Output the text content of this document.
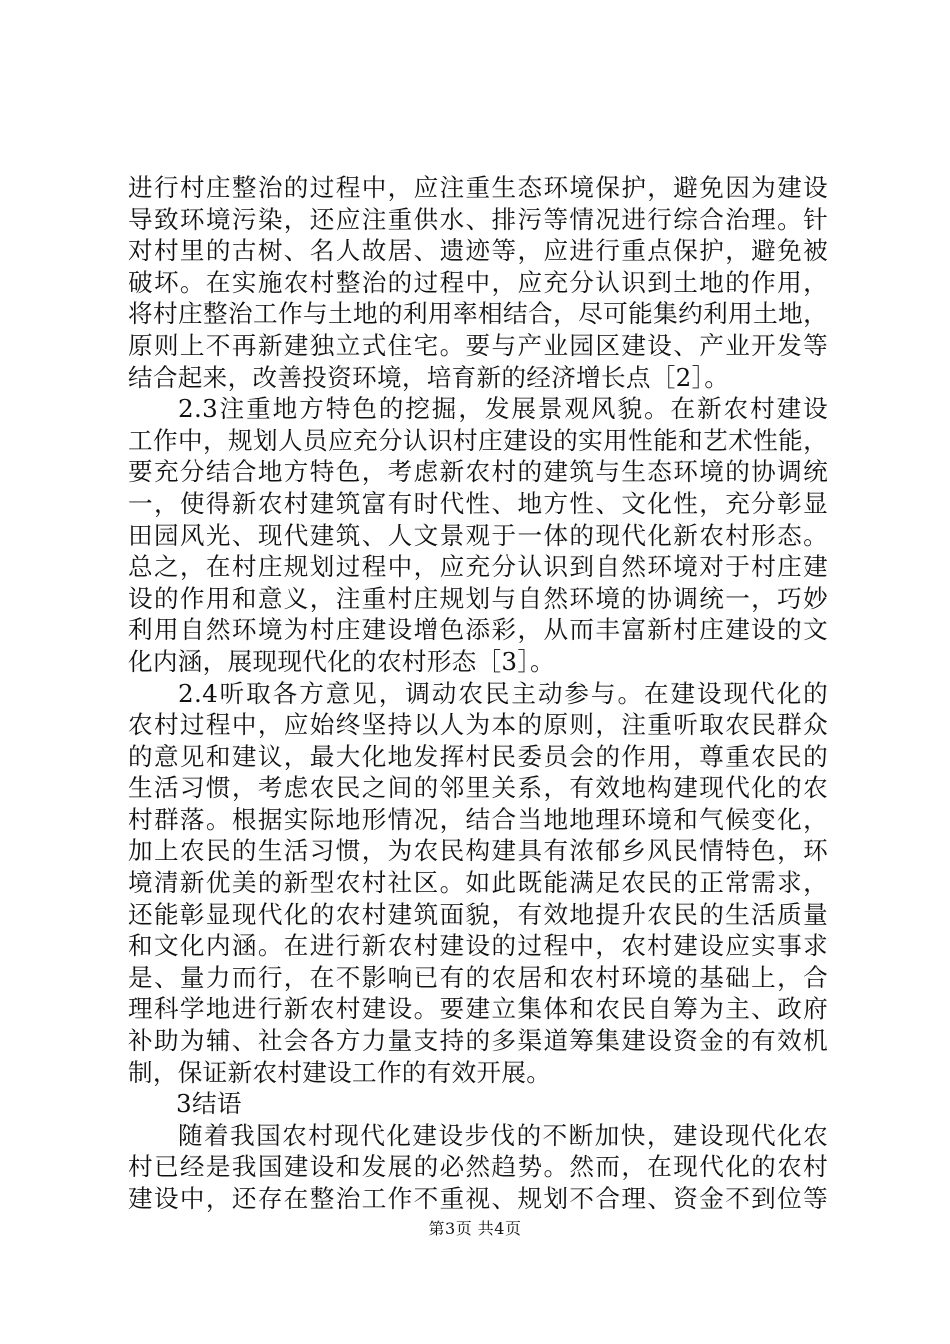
进行村庄整治的过程中，应注重生态环境保护，避免因为建设
导致环境污染，还应注重供水、排污等情况进行综合治理。针
对村里的古树、名人故居、遗迹等，应进行重点保护，避免被
破坏。在实施农村整治的过程中，应充分认识到土地的作用，
将村庄整治工作与土地的利用率相结合，尽可能集约利用土地，
原则上不再新建独立式住宅。要与产业园区建设、产业开发等
结合起来，改善投资环境，培育新的经济增长点［2］。
2.3注重地方特色的挖掘，发展景观风貌。在新农村建设
工作中，规划人员应充分认识村庄建设的实用性能和艺术性能，
要充分结合地方特色，考虑新农村的建筑与生态环境的协调统
一，使得新农村建筑富有时代性、地方性、文化性，充分彰显
田园风光、现代建筑、人文景观于一体的现代化新农村形态。
总之，在村庄规划过程中，应充分认识到自然环境对于村庄建
设的作用和意义，注重村庄规划与自然环境的协调统一，巧妙
利用自然环境为村庄建设增色添彩，从而丰富新村庄建设的文
化内涵，展现现代化的农村形态［3］。
2.4听取各方意见，调动农民主动参与。在建设现代化的
农村过程中，应始终坚持以人为本的原则，注重听取农民群众
的意见和建议，最大化地发挥村民委员会的作用，尊重农民的
生活习惯，考虑农民之间的邻里关系，有效地构建现代化的农
村群落。根据实际地形情况，结合当地地理环境和气候变化，
加上农民的生活习惯，为农民构建具有浓郁乡风民情特色，环
境清新优美的新型农村社区。如此既能满足农民的正常需求，
还能彰显现代化的农村建筑面貌，有效地提升农民的生活质量
和文化内涵。在进行新农村建设的过程中，农村建设应实事求
是、量力而行，在不影响已有的农居和农村环境的基础上，合
理科学地进行新农村建设。要建立集体和农民自筹为主、政府
补助为辅、社会各方力量支持的多渠道筹集建设资金的有效机
制，保证新农村建设工作的有效开展。
3结语
随着我国农村现代化建设步伐的不断加快，建设现代化农
村已经是我国建设和发展的必然趋势。然而，在现代化的农村
建设中，还存在整治工作不重视、规划不合理、资金不到位等
第3页 共4页
